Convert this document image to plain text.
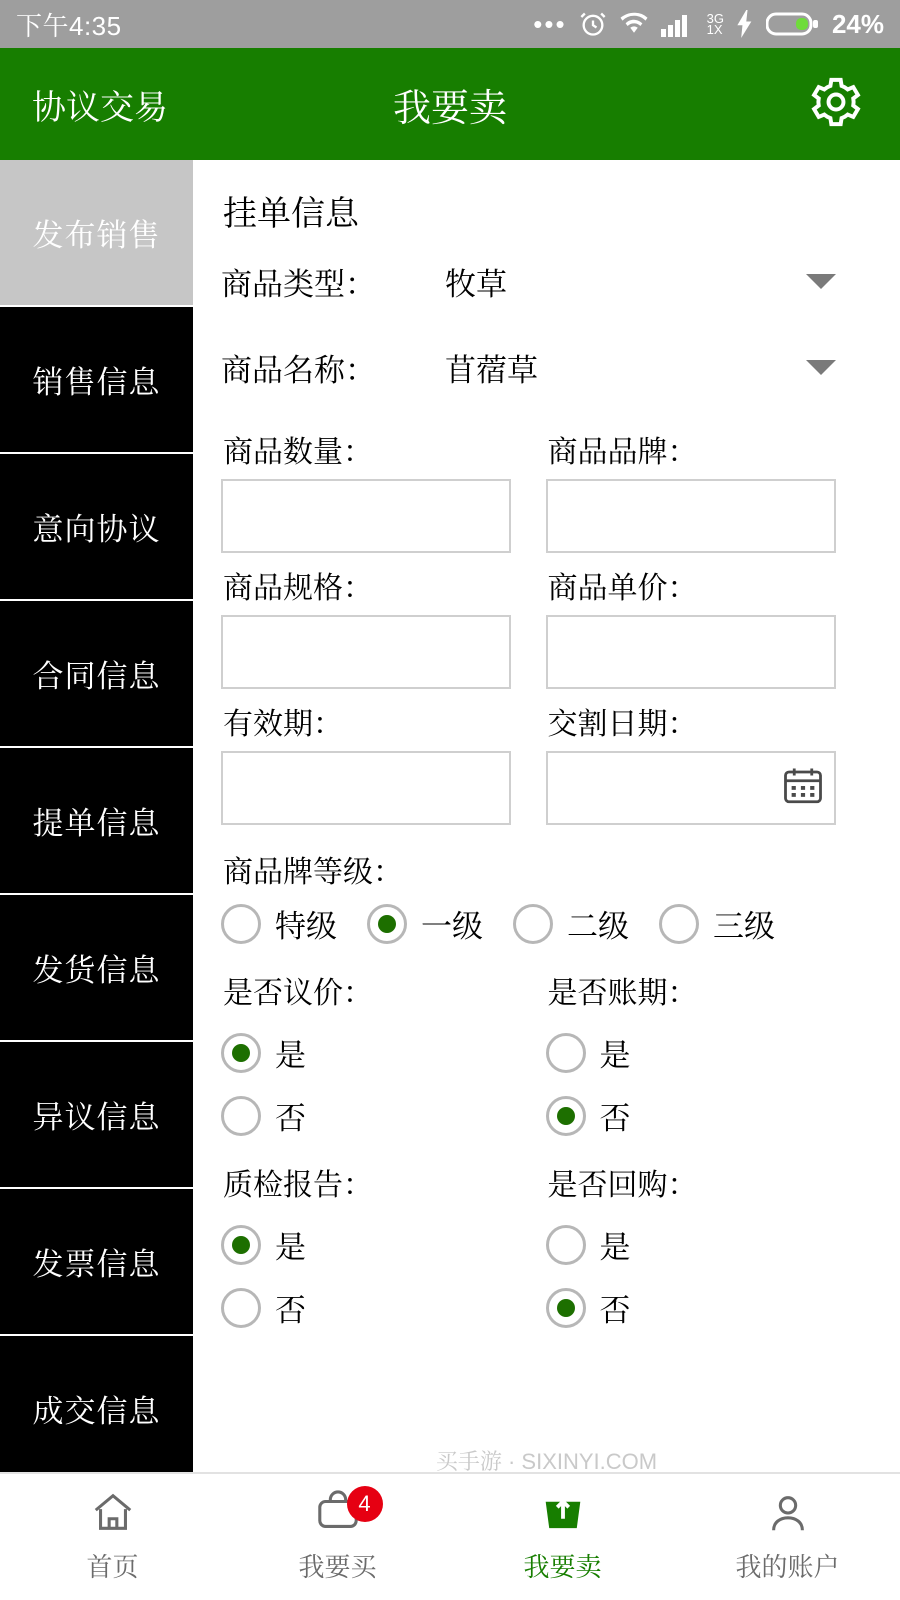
下午4:35	•••	3G
1X	24%
协议交易	我要卖
发布销售
销售信息
意向协议
合同信息
提单信息
发货信息
异议信息
发票信息
成交信息
挂单信息
商品类型：	牧草
商品名称：	苜蓿草
商品数量：	商品品牌：
商品规格：	商品单价：
有效期：	交割日期：
商品牌等级：
特级	一级	二级	三级
是否议价：
是
否
是否账期：
是
否
质检报告：
是
否
是否回购：
是
否
买手游 · SIXINYI.COM
首页
4
我要买	我要卖	我的账户
